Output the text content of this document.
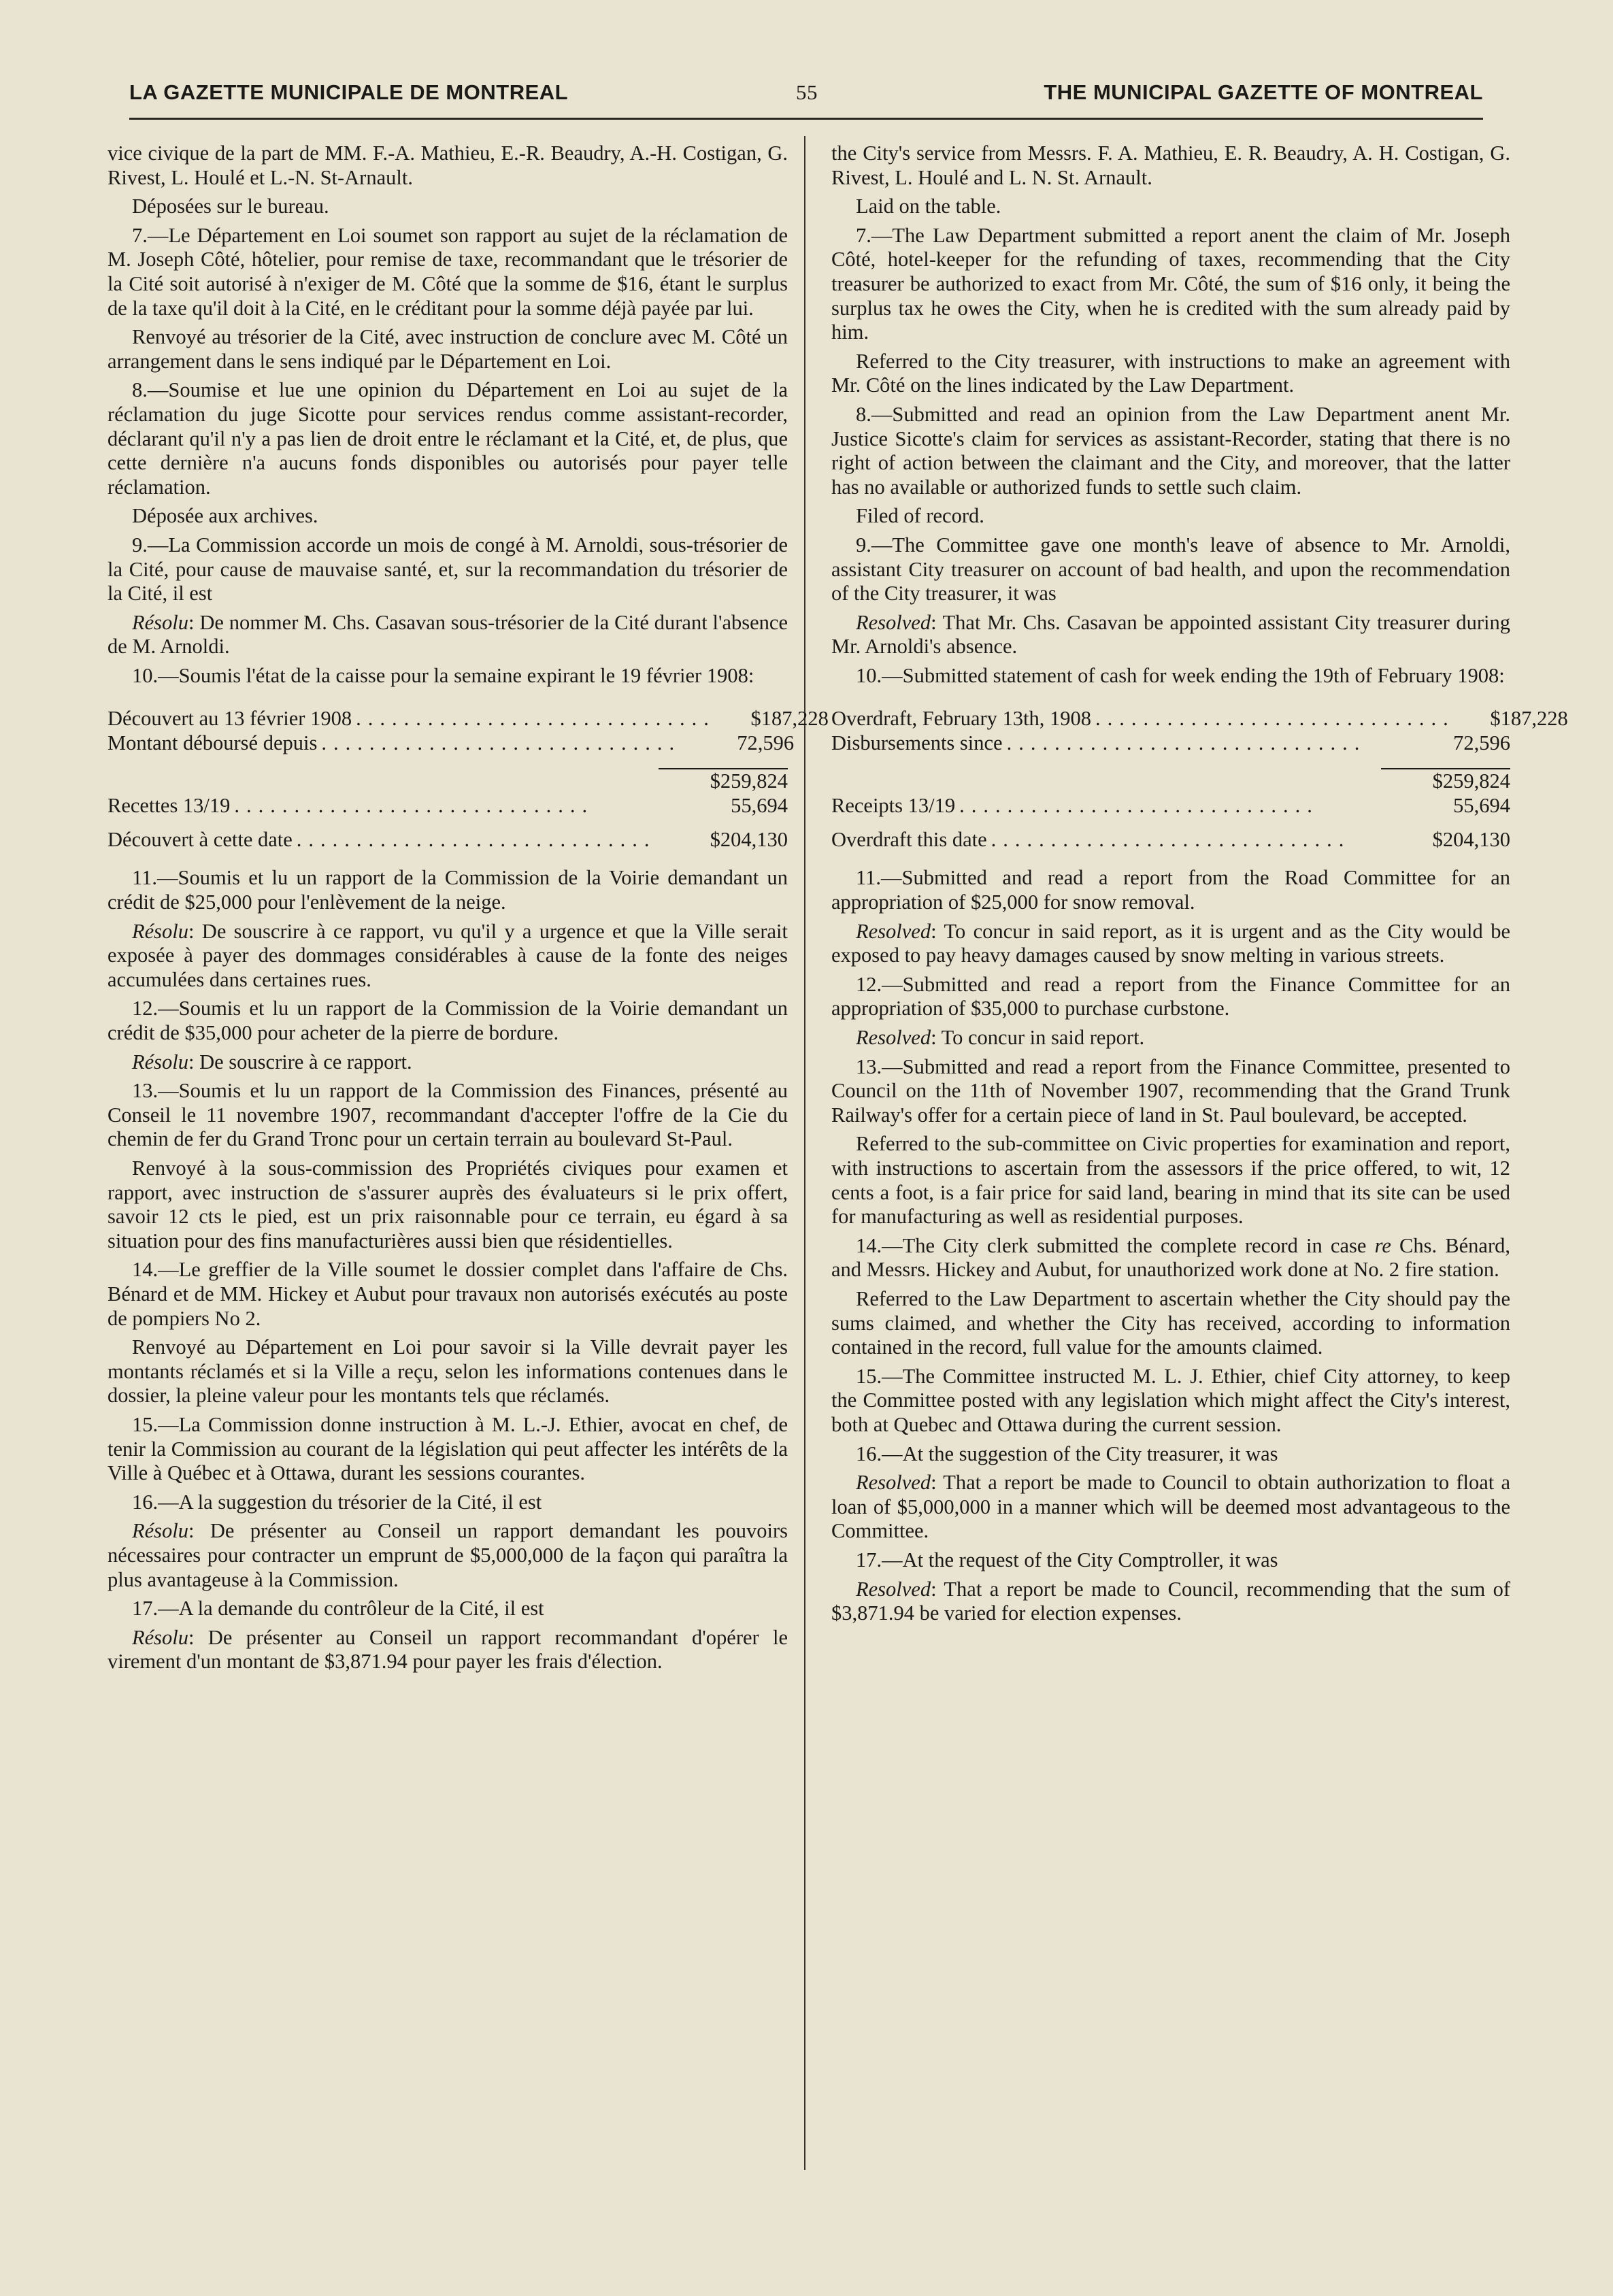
LA GAZETTE MUNICIPALE DE MONTREAL	55	THE MUNICIPAL GAZETTE OF MONTREAL

vice civique de la part de MM. F.-A. Mathieu, E.-R. Beaudry, A.-H. Costigan, G. Rivest, L. Houlé et L.-N. St-Arnault.

Déposées sur le bureau.

7.—Le Département en Loi soumet son rapport au sujet de la réclamation de M. Joseph Côté, hôtelier, pour remise de taxe, recommandant que le trésorier de la Cité soit autorisé à n'exiger de M. Côté que la somme de $16, étant le surplus de la taxe qu'il doit à la Cité, en le créditant pour la somme déjà payée par lui.

Renvoyé au trésorier de la Cité, avec instruction de conclure avec M. Côté un arrangement dans le sens indiqué par le Département en Loi.

8.—Soumise et lue une opinion du Département en Loi au sujet de la réclamation du juge Sicotte pour services rendus comme assistant-recorder, déclarant qu'il n'y a pas lien de droit entre le réclamant et la Cité, et, de plus, que cette dernière n'a aucuns fonds disponibles ou autorisés pour payer telle réclamation.

Déposée aux archives.

9.—La Commission accorde un mois de congé à M. Arnoldi, sous-trésorier de la Cité, pour cause de mauvaise santé, et, sur la recommandation du trésorier de la Cité, il est

Résolu: De nommer M. Chs. Casavan sous-trésorier de la Cité durant l'absence de M. Arnoldi.

10.—Soumis l'état de la caisse pour la semaine expirant le 19 février 1908:

Découvert au 13 février 1908 ..............................	$187,228
Montant déboursé depuis ..............................	72,596
$259,824
Recettes 13/19 ..............................	55,694
Découvert à cette date ..............................	$204,130

11.—Soumis et lu un rapport de la Commission de la Voirie demandant un crédit de $25,000 pour l'enlèvement de la neige.

Résolu: De souscrire à ce rapport, vu qu'il y a urgence et que la Ville serait exposée à payer des dommages considérables à cause de la fonte des neiges accumulées dans certaines rues.

12.—Soumis et lu un rapport de la Commission de la Voirie demandant un crédit de $35,000 pour acheter de la pierre de bordure.

Résolu: De souscrire à ce rapport.

13.—Soumis et lu un rapport de la Commission des Finances, présenté au Conseil le 11 novembre 1907, recommandant d'accepter l'offre de la Cie du chemin de fer du Grand Tronc pour un certain terrain au boulevard St-Paul.

Renvoyé à la sous-commission des Propriétés civiques pour examen et rapport, avec instruction de s'assurer auprès des évaluateurs si le prix offert, savoir 12 cts le pied, est un prix raisonnable pour ce terrain, eu égard à sa situation pour des fins manufacturières aussi bien que résidentielles.

14.—Le greffier de la Ville soumet le dossier complet dans l'affaire de Chs. Bénard et de MM. Hickey et Aubut pour travaux non autorisés exécutés au poste de pompiers No 2.

Renvoyé au Département en Loi pour savoir si la Ville devrait payer les montants réclamés et si la Ville a reçu, selon les informations contenues dans le dossier, la pleine valeur pour les montants tels que réclamés.

15.—La Commission donne instruction à M. L.-J. Ethier, avocat en chef, de tenir la Commission au courant de la législation qui peut affecter les intérêts de la Ville à Québec et à Ottawa, durant les sessions courantes.

16.—A la suggestion du trésorier de la Cité, il est

Résolu: De présenter au Conseil un rapport demandant les pouvoirs nécessaires pour contracter un emprunt de $5,000,000 de la façon qui paraîtra la plus avantageuse à la Commission.

17.—A la demande du contrôleur de la Cité, il est

Résolu: De présenter au Conseil un rapport recommandant d'opérer le virement d'un montant de $3,871.94 pour payer les frais d'élection.

the City's service from Messrs. F. A. Mathieu, E. R. Beaudry, A. H. Costigan, G. Rivest, L. Houlé and L. N. St. Arnault.

Laid on the table.

7.—The Law Department submitted a report anent the claim of Mr. Joseph Côté, hotel-keeper for the refunding of taxes, recommending that the City treasurer be authorized to exact from Mr. Côté, the sum of $16 only, it being the surplus tax he owes the City, when he is credited with the sum already paid by him.

Referred to the City treasurer, with instructions to make an agreement with Mr. Côté on the lines indicated by the Law Department.

8.—Submitted and read an opinion from the Law Department anent Mr. Justice Sicotte's claim for services as assistant-Recorder, stating that there is no right of action between the claimant and the City, and moreover, that the latter has no available or authorized funds to settle such claim.

Filed of record.

9.—The Committee gave one month's leave of absence to Mr. Arnoldi, assistant City treasurer on account of bad health, and upon the recommendation of the City treasurer, it was

Resolved: That Mr. Chs. Casavan be appointed assistant City treasurer during Mr. Arnoldi's absence.

10.—Submitted statement of cash for week ending the 19th of February 1908:

Overdraft, February 13th, 1908 ..............................	$187,228
Disbursements since ..............................	72,596
$259,824
Receipts 13/19 ..............................	55,694
Overdraft this date ..............................	$204,130

11.—Submitted and read a report from the Road Committee for an appropriation of $25,000 for snow removal.

Resolved: To concur in said report, as it is urgent and as the City would be exposed to pay heavy damages caused by snow melting in various streets.

12.—Submitted and read a report from the Finance Committee for an appropriation of $35,000 to purchase curbstone.

Resolved: To concur in said report.

13.—Submitted and read a report from the Finance Committee, presented to Council on the 11th of November 1907, recommending that the Grand Trunk Railway's offer for a certain piece of land in St. Paul boulevard, be accepted.

Referred to the sub-committee on Civic properties for examination and report, with instructions to ascertain from the assessors if the price offered, to wit, 12 cents a foot, is a fair price for said land, bearing in mind that its site can be used for manufacturing as well as residential purposes.

14.—The City clerk submitted the complete record in case re Chs. Bénard, and Messrs. Hickey and Aubut, for unauthorized work done at No. 2 fire station.

Referred to the Law Department to ascertain whether the City should pay the sums claimed, and whether the City has received, according to information contained in the record, full value for the amounts claimed.

15.—The Committee instructed M. L. J. Ethier, chief City attorney, to keep the Committee posted with any legislation which might affect the City's interest, both at Quebec and Ottawa during the current session.

16.—At the suggestion of the City treasurer, it was

Resolved: That a report be made to Council to obtain authorization to float a loan of $5,000,000 in a manner which will be deemed most advantageous to the Committee.

17.—At the request of the City Comptroller, it was

Resolved: That a report be made to Council, recommending that the sum of $3,871.94 be varied for election expenses.
